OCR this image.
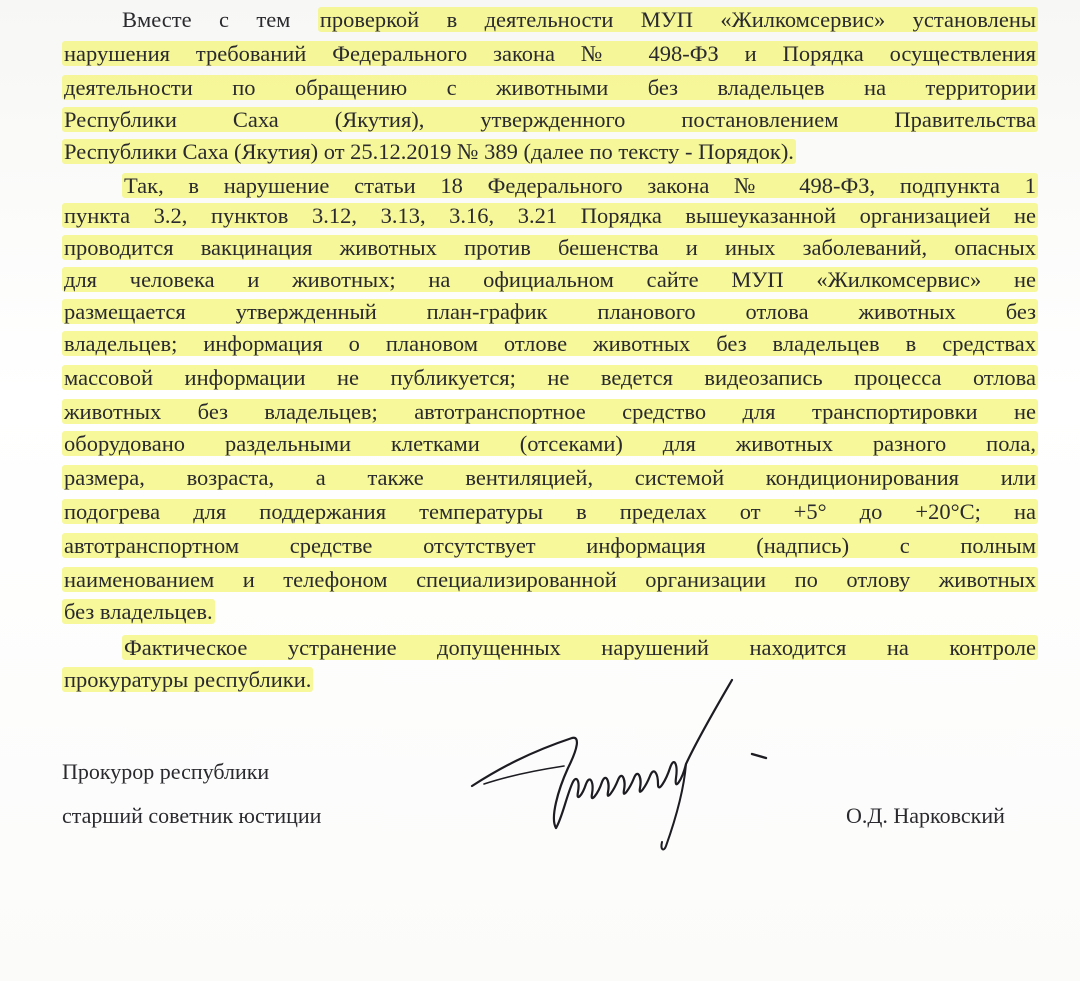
Вместе с тем проверкой в деятельности МУП «Жилкомсервис» установлены
нарушения требований Федерального закона № 498-ФЗ и Порядка осуществления
деятельности по обращению с животными без владельцев на территории
Республики Саха (Якутия), утвержденного постановлением Правительства
Республики Саха (Якутия) от 25.12.2019 № 389 (далее по тексту - Порядок).
Так, в нарушение статьи 18 Федерального закона № 498-ФЗ, подпункта 1
пункта 3.2, пунктов 3.12, 3.13, 3.16, 3.21 Порядка вышеуказанной организацией не
проводится вакцинация животных против бешенства и иных заболеваний, опасных
для человека и животных; на официальном сайте МУП «Жилкомсервис» не
размещается утвержденный план-график планового отлова животных без
владельцев; информация о плановом отлове животных без владельцев в средствах
массовой информации не публикуется; не ведется видеозапись процесса отлова
животных без владельцев; автотранспортное средство для транспортировки не
оборудовано раздельными клетками (отсеками) для животных разного пола,
размера, возраста, а также вентиляцией, системой кондиционирования или
подогрева для поддержания температуры в пределах от +5° до +20°С; на
автотранспортном средстве отсутствует информация (надпись) с полным
наименованием и телефоном специализированной организации по отлову животных
без владельцев.
Фактическое устранение допущенных нарушений находится на контроле
прокуратуры республики.
Прокурор республики
старший советник юстиции	О.Д. Нарковский
